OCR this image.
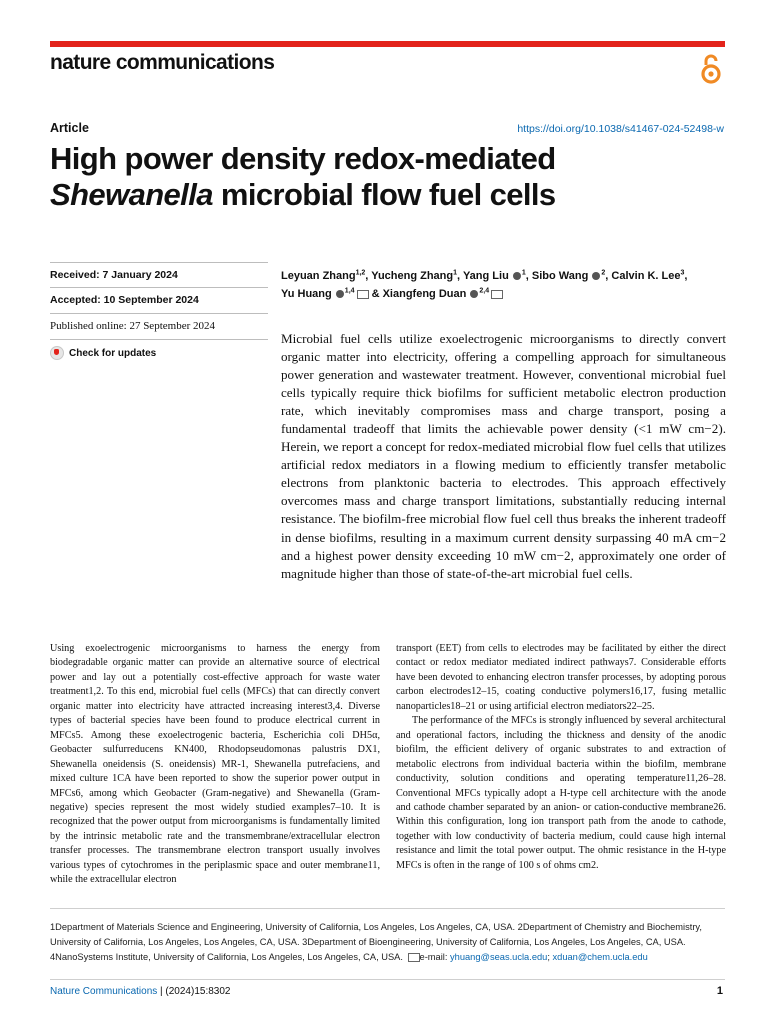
nature communications
Article	https://doi.org/10.1038/s41467-024-52498-w
High power density redox-mediated
Shewanella microbial flow fuel cells
Received: 7 January 2024
Accepted: 10 September 2024
Published online: 27 September 2024
Check for updates
Leyuan Zhang$^{1,2}$, Yucheng Zhang$^1$, Yang Liu $^1$, Sibo Wang $^2$, Calvin K. Lee$^3$,
Yu Huang $^{1,4}$ & Xiangfeng Duan $^{2,4}$
Microbial fuel cells utilize exoelectrogenic microorganisms to directly convert organic matter into electricity, offering a compelling approach for simultaneous power generation and wastewater treatment. However, conventional microbial fuel cells typically require thick biofilms for sufficient metabolic electron production rate, which inevitably compromises mass and charge transport, posing a fundamental tradeoff that limits the achievable power density (<1 mW cm−2). Herein, we report a concept for redox-mediated microbial flow fuel cells that utilizes artificial redox mediators in a flowing medium to efficiently transfer metabolic electrons from planktonic bacteria to electrodes. This approach effectively overcomes mass and charge transport limitations, substantially reducing internal resistance. The biofilm-free microbial flow fuel cell thus breaks the inherent tradeoff in dense biofilms, resulting in a maximum current density surpassing 40 mA cm−2 and a highest power density exceeding 10 mW cm−2, approximately one order of magnitude higher than those of state-of-the-art microbial fuel cells.

Using exoelectrogenic microorganisms to harness the energy from biodegradable organic matter can provide an alternative source of electrical power and lay out a potentially cost-effective approach for waste water treatment1,2. To this end, microbial fuel cells (MFCs) that can directly convert organic matter into electricity have attracted increasing interest3,4. Diverse types of bacterial species have been found to produce electrical current in MFCs5. Among these exoelectrogenic bacteria, Escherichia coli DH5α, Geobacter sulfurreducens KN400, Rhodopseudomonas palustris DX1, Shewanella oneidensis (S. oneidensis) MR-1, Shewanella putrefaciens, and mixed culture 1CA have been reported to show the superior power output in MFCs6, among which Geobacter (Gram-negative) and Shewanella (Gram-negative) species represent the most widely studied examples7–10. It is recognized that the power output from microorganisms is fundamentally limited by the intrinsic metabolic rate and the transmembrane/extracellular electron transfer processes. The transmembrane electron transport usually involves various types of cytochromes in the periplasmic space and outer membrane11, while the extracellular electron

transport (EET) from cells to electrodes may be facilitated by either the direct contact or redox mediator mediated indirect pathways7. Considerable efforts have been devoted to enhancing electron transfer processes, by adopting porous carbon electrodes12–15, coating conductive polymers16,17, fusing metallic nanoparticles18–21 or using artificial electron mediators22–25.

The performance of the MFCs is strongly influenced by several architectural and operational factors, including the thickness and density of the anodic biofilm, the efficient delivery of organic substrates to and extraction of metabolic electrons from individual bacteria within the biofilm, membrane conductivity, solution conditions and operating temperature11,26–28. Conventional MFCs typically adopt a H-type cell architecture with the anode and cathode chamber separated by an anion- or cation-conductive membrane26. Within this configuration, long ion transport path from the anode to cathode, together with low conductivity of bacteria medium, could cause high internal resistance and limit the total power output. The ohmic resistance in the H-type MFCs is often in the range of 100 s of ohms cm2.

1Department of Materials Science and Engineering, University of California, Los Angeles, Los Angeles, CA, USA. 2Department of Chemistry and Biochemistry,
University of California, Los Angeles, Los Angeles, CA, USA. 3Department of Bioengineering, University of California, Los Angeles, Los Angeles, CA, USA.
4NanoSystems Institute, University of California, Los Angeles, Los Angeles, CA, USA. e-mail: yhuang@seas.ucla.edu; xduan@chem.ucla.edu
Nature Communications | (2024)15:8302	1
